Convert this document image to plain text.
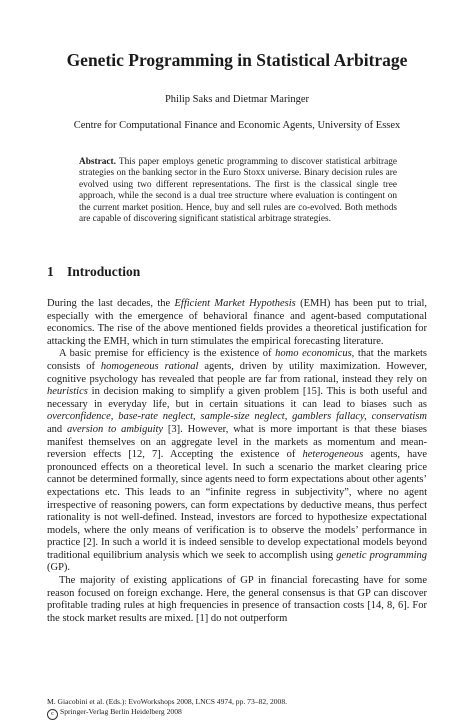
Genetic Programming in Statistical Arbitrage
Philip Saks and Dietmar Maringer
Centre for Computational Finance and Economic Agents, University of Essex
Abstract. This paper employs genetic programming to discover statistical arbitrage strategies on the banking sector in the Euro Stoxx universe. Binary decision rules are evolved using two different representations. The first is the classical single tree approach, while the second is a dual tree structure where evaluation is contingent on the current market position. Hence, buy and sell rules are co-evolved. Both methods are capable of discovering significant statistical arbitrage strategies.
1 Introduction

During the last decades, the Efficient Market Hypothesis (EMH) has been put to trial, especially with the emergence of behavioral finance and agent-based computational economics. The rise of the above mentioned fields provides a theoretical justification for attacking the EMH, which in turn stimulates the empirical forecasting literature.

A basic premise for efficiency is the existence of homo economicus, that the markets consists of homogeneous rational agents, driven by utility maximization. However, cognitive psychology has revealed that people are far from rational, instead they rely on heuristics in decision making to simplify a given problem [15]. This is both useful and necessary in everyday life, but in certain situations it can lead to biases such as overconfidence, base-rate neglect, sample-size neglect, gamblers fallacy, conservatism and aversion to ambiguity [3]. However, what is more important is that these biases manifest themselves on an aggregate level in the markets as momentum and mean-reversion effects [12, 7]. Accepting the existence of heterogeneous agents, have pronounced effects on a theoretical level. In such a scenario the market clearing price cannot be determined formally, since agents need to form expectations about other agents’ expectations etc. This leads to an “infinite regress in subjectivity”, where no agent irrespective of reasoning powers, can form expectations by deductive means, thus perfect rationality is not well-defined. Instead, investors are forced to hypothesize expectational models, where the only means of verification is to observe the models’ performance in practice [2]. In such a world it is indeed sensible to develop expectational models beyond traditional equilibrium analysis which we seek to accomplish using genetic programming (GP).

The majority of existing applications of GP in financial forecasting have for some reason focused on foreign exchange. Here, the general consensus is that GP can discover profitable trading rules at high frequencies in presence of transaction costs [14, 8, 6]. For the stock market results are mixed. [1] do not outperform

M. Giacobini et al. (Eds.): EvoWorkshops 2008, LNCS 4974, pp. 73–82, 2008.
c Springer-Verlag Berlin Heidelberg 2008
